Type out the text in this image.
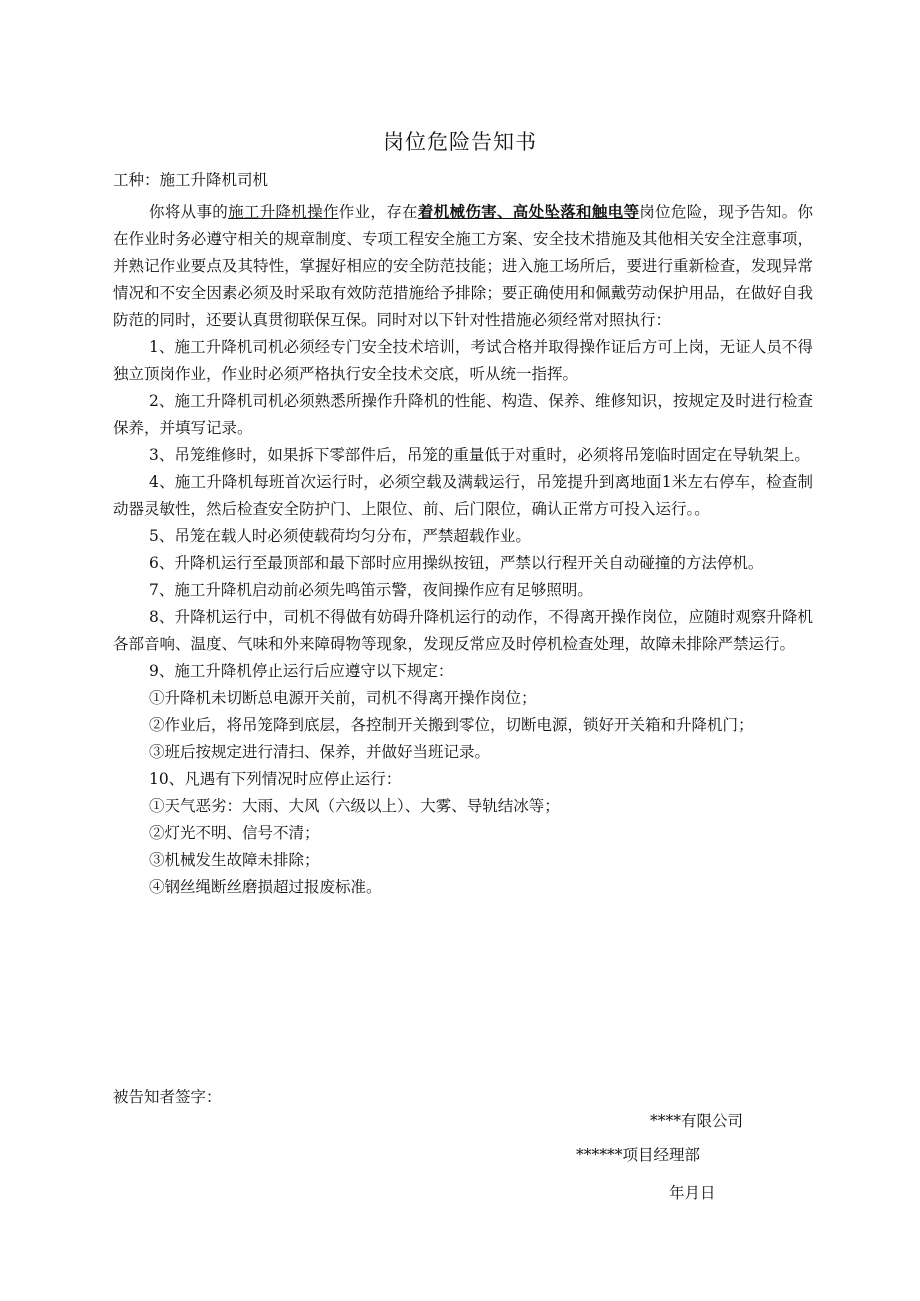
岗位危险告知书
工种：施工升降机司机

你将从事的施工升降机操作作业，存在着机械伤害、高处坠落和触电等岗位危险，现予告知。你在作业时务必遵守相关的规章制度、专项工程安全施工方案、安全技术措施及其他相关安全注意事项，并熟记作业要点及其特性，掌握好相应的安全防范技能；进入施工场所后，要进行重新检查，发现异常情况和不安全因素必须及时采取有效防范措施给予排除；要正确使用和佩戴劳动保护用品，在做好自我防范的同时，还要认真贯彻联保互保。同时对以下针对性措施必须经常对照执行：

1、施工升降机司机必须经专门安全技术培训，考试合格并取得操作证后方可上岗，无证人员不得独立顶岗作业，作业时必须严格执行安全技术交底，听从统一指挥。

2、施工升降机司机必须熟悉所操作升降机的性能、构造、保养、维修知识，按规定及时进行检查保养，并填写记录。

3、吊笼维修时，如果拆下零部件后，吊笼的重量低于对重时，必须将吊笼临时固定在导轨架上。

4、施工升降机每班首次运行时，必须空载及满载运行，吊笼提升到离地面1米左右停车，检查制动器灵敏性，然后检查安全防护门、上限位、前、后门限位，确认正常方可投入运行。。

5、吊笼在载人时必须使载荷均匀分布，严禁超载作业。

6、升降机运行至最顶部和最下部时应用操纵按钮，严禁以行程开关自动碰撞的方法停机。

7、施工升降机启动前必须先鸣笛示警，夜间操作应有足够照明。

8、升降机运行中，司机不得做有妨碍升降机运行的动作，不得离开操作岗位，应随时观察升降机各部音响、温度、气味和外来障碍物等现象，发现反常应及时停机检查处理，故障未排除严禁运行。

9、施工升降机停止运行后应遵守以下规定：

①升降机未切断总电源开关前，司机不得离开操作岗位；

②作业后，将吊笼降到底层，各控制开关搬到零位，切断电源，锁好开关箱和升降机门；

③班后按规定进行清扫、保养，并做好当班记录。

10、凡遇有下列情况时应停止运行：

①天气恶劣：大雨、大风（六级以上）、大雾、导轨结冰等；

②灯光不明、信号不清；

③机械发生故障未排除；

④钢丝绳断丝磨损超过报废标准。

被告知者签字：
****有限公司
******项目经理部
年月日
